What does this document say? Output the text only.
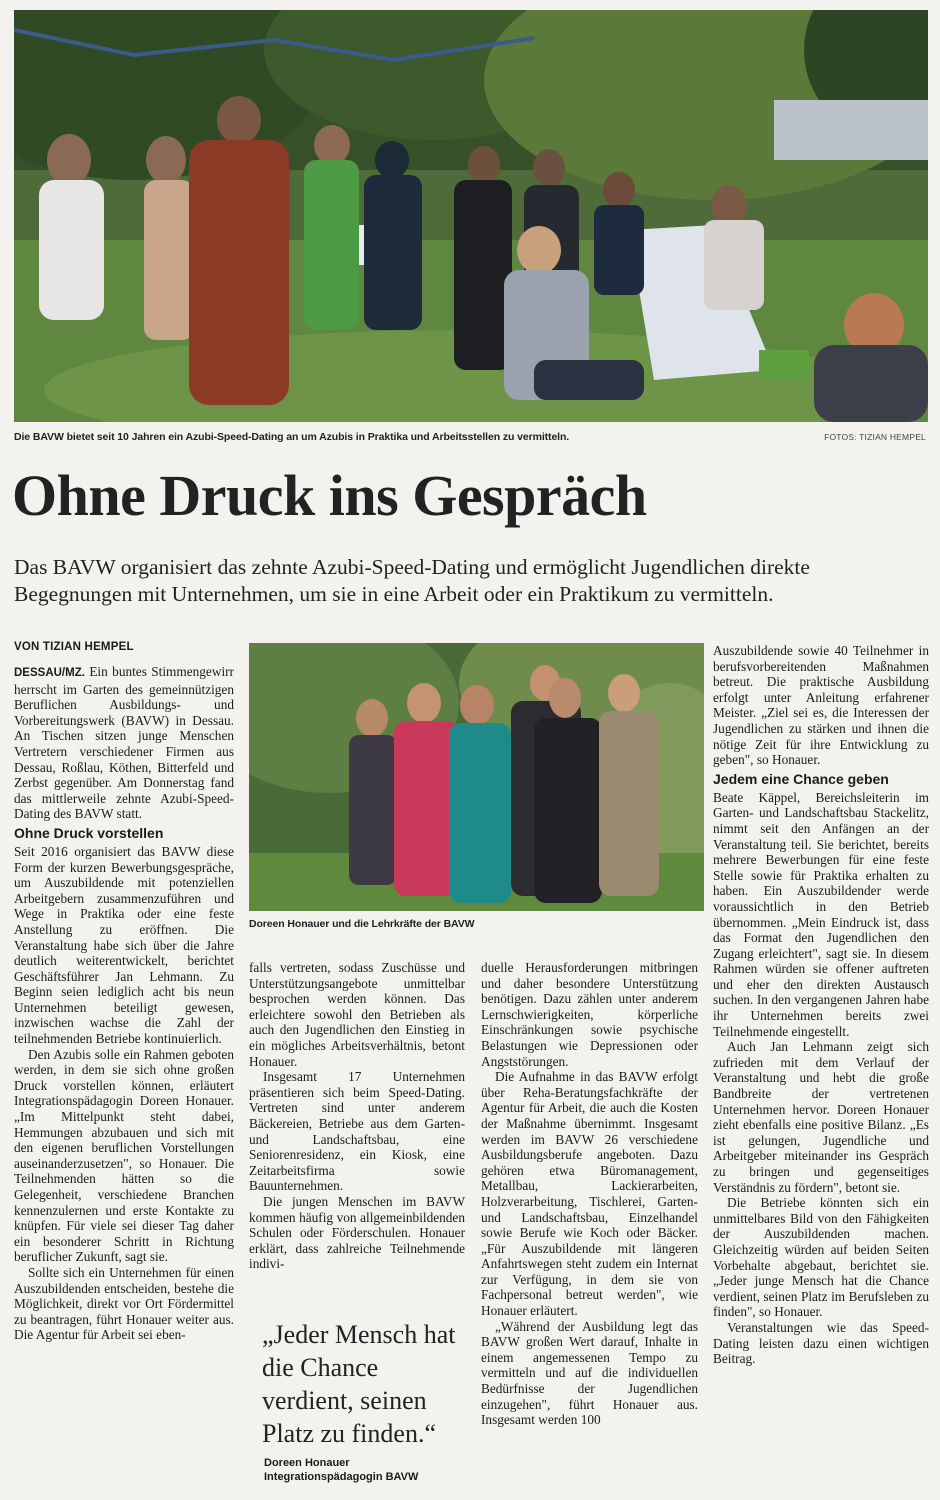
Die BAVW bietet seit 10 Jahren ein Azubi-Speed-Dating an um Azubis in Praktika und Arbeitsstellen zu vermitteln.	FOTOS: TIZIAN HEMPEL
Ohne Druck ins Gespräch
Das BAVW organisiert das zehnte Azubi-Speed-Dating und ermöglicht Jugendlichen direkte Begegnungen mit Unternehmen, um sie in eine Arbeit oder ein Praktikum zu vermitteln.
VON TIZIAN HEMPEL

DESSAU/MZ. Ein buntes Stimmengewirr herrscht im Garten des gemeinnützigen Beruflichen Ausbildungs- und Vorbereitungswerk (BAVW) in Dessau. An Tischen sitzen junge Menschen Vertretern verschiedener Firmen aus Dessau, Roßlau, Köthen, Bitterfeld und Zerbst gegenüber. Am Donnerstag fand das mittlerweile zehnte Azubi-Speed-Dating des BAVW statt.

Ohne Druck vorstellen

Seit 2016 organisiert das BAVW diese Form der kurzen Bewerbungsgespräche, um Auszubildende mit potenziellen Arbeitgebern zusammenzuführen und Wege in Praktika oder eine feste Anstellung zu eröffnen. Die Veranstaltung habe sich über die Jahre deutlich weiterentwickelt, berichtet Geschäftsführer Jan Lehmann. Zu Beginn seien lediglich acht bis neun Unternehmen beteiligt gewesen, inzwischen wachse die Zahl der teilnehmenden Betriebe kontinuierlich.

Den Azubis solle ein Rahmen geboten werden, in dem sie sich ohne großen Druck vorstellen können, erläutert Integrationspädagogin Doreen Honauer. „Im Mittelpunkt steht dabei, Hemmungen abzubauen und sich mit den eigenen beruflichen Vorstellungen auseinanderzusetzen", so Honauer. Die Teilnehmenden hätten so die Gelegenheit, verschiedene Branchen kennenzulernen und erste Kontakte zu knüpfen. Für viele sei dieser Tag daher ein besonderer Schritt in Richtung beruflicher Zukunft, sagt sie.

Sollte sich ein Unternehmen für einen Auszubildenden entscheiden, bestehe die Möglichkeit, direkt vor Ort Fördermittel zu beantragen, führt Honauer weiter aus. Die Agentur für Arbeit sei eben-

Doreen Honauer und die Lehrkräfte der BAVW

falls vertreten, sodass Zuschüsse und Unterstützungsangebote unmittelbar besprochen werden können. Das erleichtere sowohl den Betrieben als auch den Jugendlichen den Einstieg in ein mögliches Arbeitsverhältnis, betont Honauer.

Insgesamt 17 Unternehmen präsentieren sich beim Speed-Dating. Vertreten sind unter anderem Bäckereien, Betriebe aus dem Garten- und Landschaftsbau, eine Seniorenresidenz, ein Kiosk, eine Zeitarbeitsfirma sowie Bauunternehmen.

Die jungen Menschen im BAVW kommen häufig von allgemeinbildenden Schulen oder Förderschulen. Honauer erklärt, dass zahlreiche Teilnehmende indivi-

„Jeder Mensch hat die Chance verdient, seinen Platz zu finden.“
Doreen Honauer
Integrationspädagogin BAVW

duelle Herausforderungen mitbringen und daher besondere Unterstützung benötigen. Dazu zählen unter anderem Lernschwierigkeiten, körperliche Einschränkungen sowie psychische Belastungen wie Depressionen oder Angststörungen.

Die Aufnahme in das BAVW erfolgt über Reha-Beratungsfachkräfte der Agentur für Arbeit, die auch die Kosten der Maßnahme übernimmt. Insgesamt werden im BAVW 26 verschiedene Ausbildungsberufe angeboten. Dazu gehören etwa Büromanagement, Metallbau, Lackierarbeiten, Holzverarbeitung, Tischlerei, Garten- und Landschaftsbau, Einzelhandel sowie Berufe wie Koch oder Bäcker. „Für Auszubildende mit längeren Anfahrtswegen steht zudem ein Internat zur Verfügung, in dem sie von Fachpersonal betreut werden", wie Honauer erläutert.

„Während der Ausbildung legt das BAVW großen Wert darauf, Inhalte in einem angemessenen Tempo zu vermitteln und auf die individuellen Bedürfnisse der Jugendlichen einzugehen", führt Honauer aus. Insgesamt werden 100

Auszubildende sowie 40 Teilnehmer in berufsvorbereitenden Maßnahmen betreut. Die praktische Ausbildung erfolgt unter Anleitung erfahrener Meister. „Ziel sei es, die Interessen der Jugendlichen zu stärken und ihnen die nötige Zeit für ihre Entwicklung zu geben", so Honauer.

Jedem eine Chance geben

Beate Käppel, Bereichsleiterin im Garten- und Landschaftsbau Stackelitz, nimmt seit den Anfängen an der Veranstaltung teil. Sie berichtet, bereits mehrere Bewerbungen für eine feste Stelle sowie für Praktika erhalten zu haben. Ein Auszubildender werde voraussichtlich in den Betrieb übernommen. „Mein Eindruck ist, dass das Format den Jugendlichen den Zugang erleichtert", sagt sie. In diesem Rahmen würden sie offener auftreten und eher den direkten Austausch suchen. In den vergangenen Jahren habe ihr Unternehmen bereits zwei Teilnehmende eingestellt.

Auch Jan Lehmann zeigt sich zufrieden mit dem Verlauf der Veranstaltung und hebt die große Bandbreite der vertretenen Unternehmen hervor. Doreen Honauer zieht ebenfalls eine positive Bilanz. „Es ist gelungen, Jugendliche und Arbeitgeber miteinander ins Gespräch zu bringen und gegenseitiges Verständnis zu fördern", betont sie.

Die Betriebe könnten sich ein unmittelbares Bild von den Fähigkeiten der Auszubildenden machen. Gleichzeitig würden auf beiden Seiten Vorbehalte abgebaut, berichtet sie. „Jeder junge Mensch hat die Chance verdient, seinen Platz im Berufsleben zu finden", so Honauer.

Veranstaltungen wie das Speed-Dating leisten dazu einen wichtigen Beitrag.
